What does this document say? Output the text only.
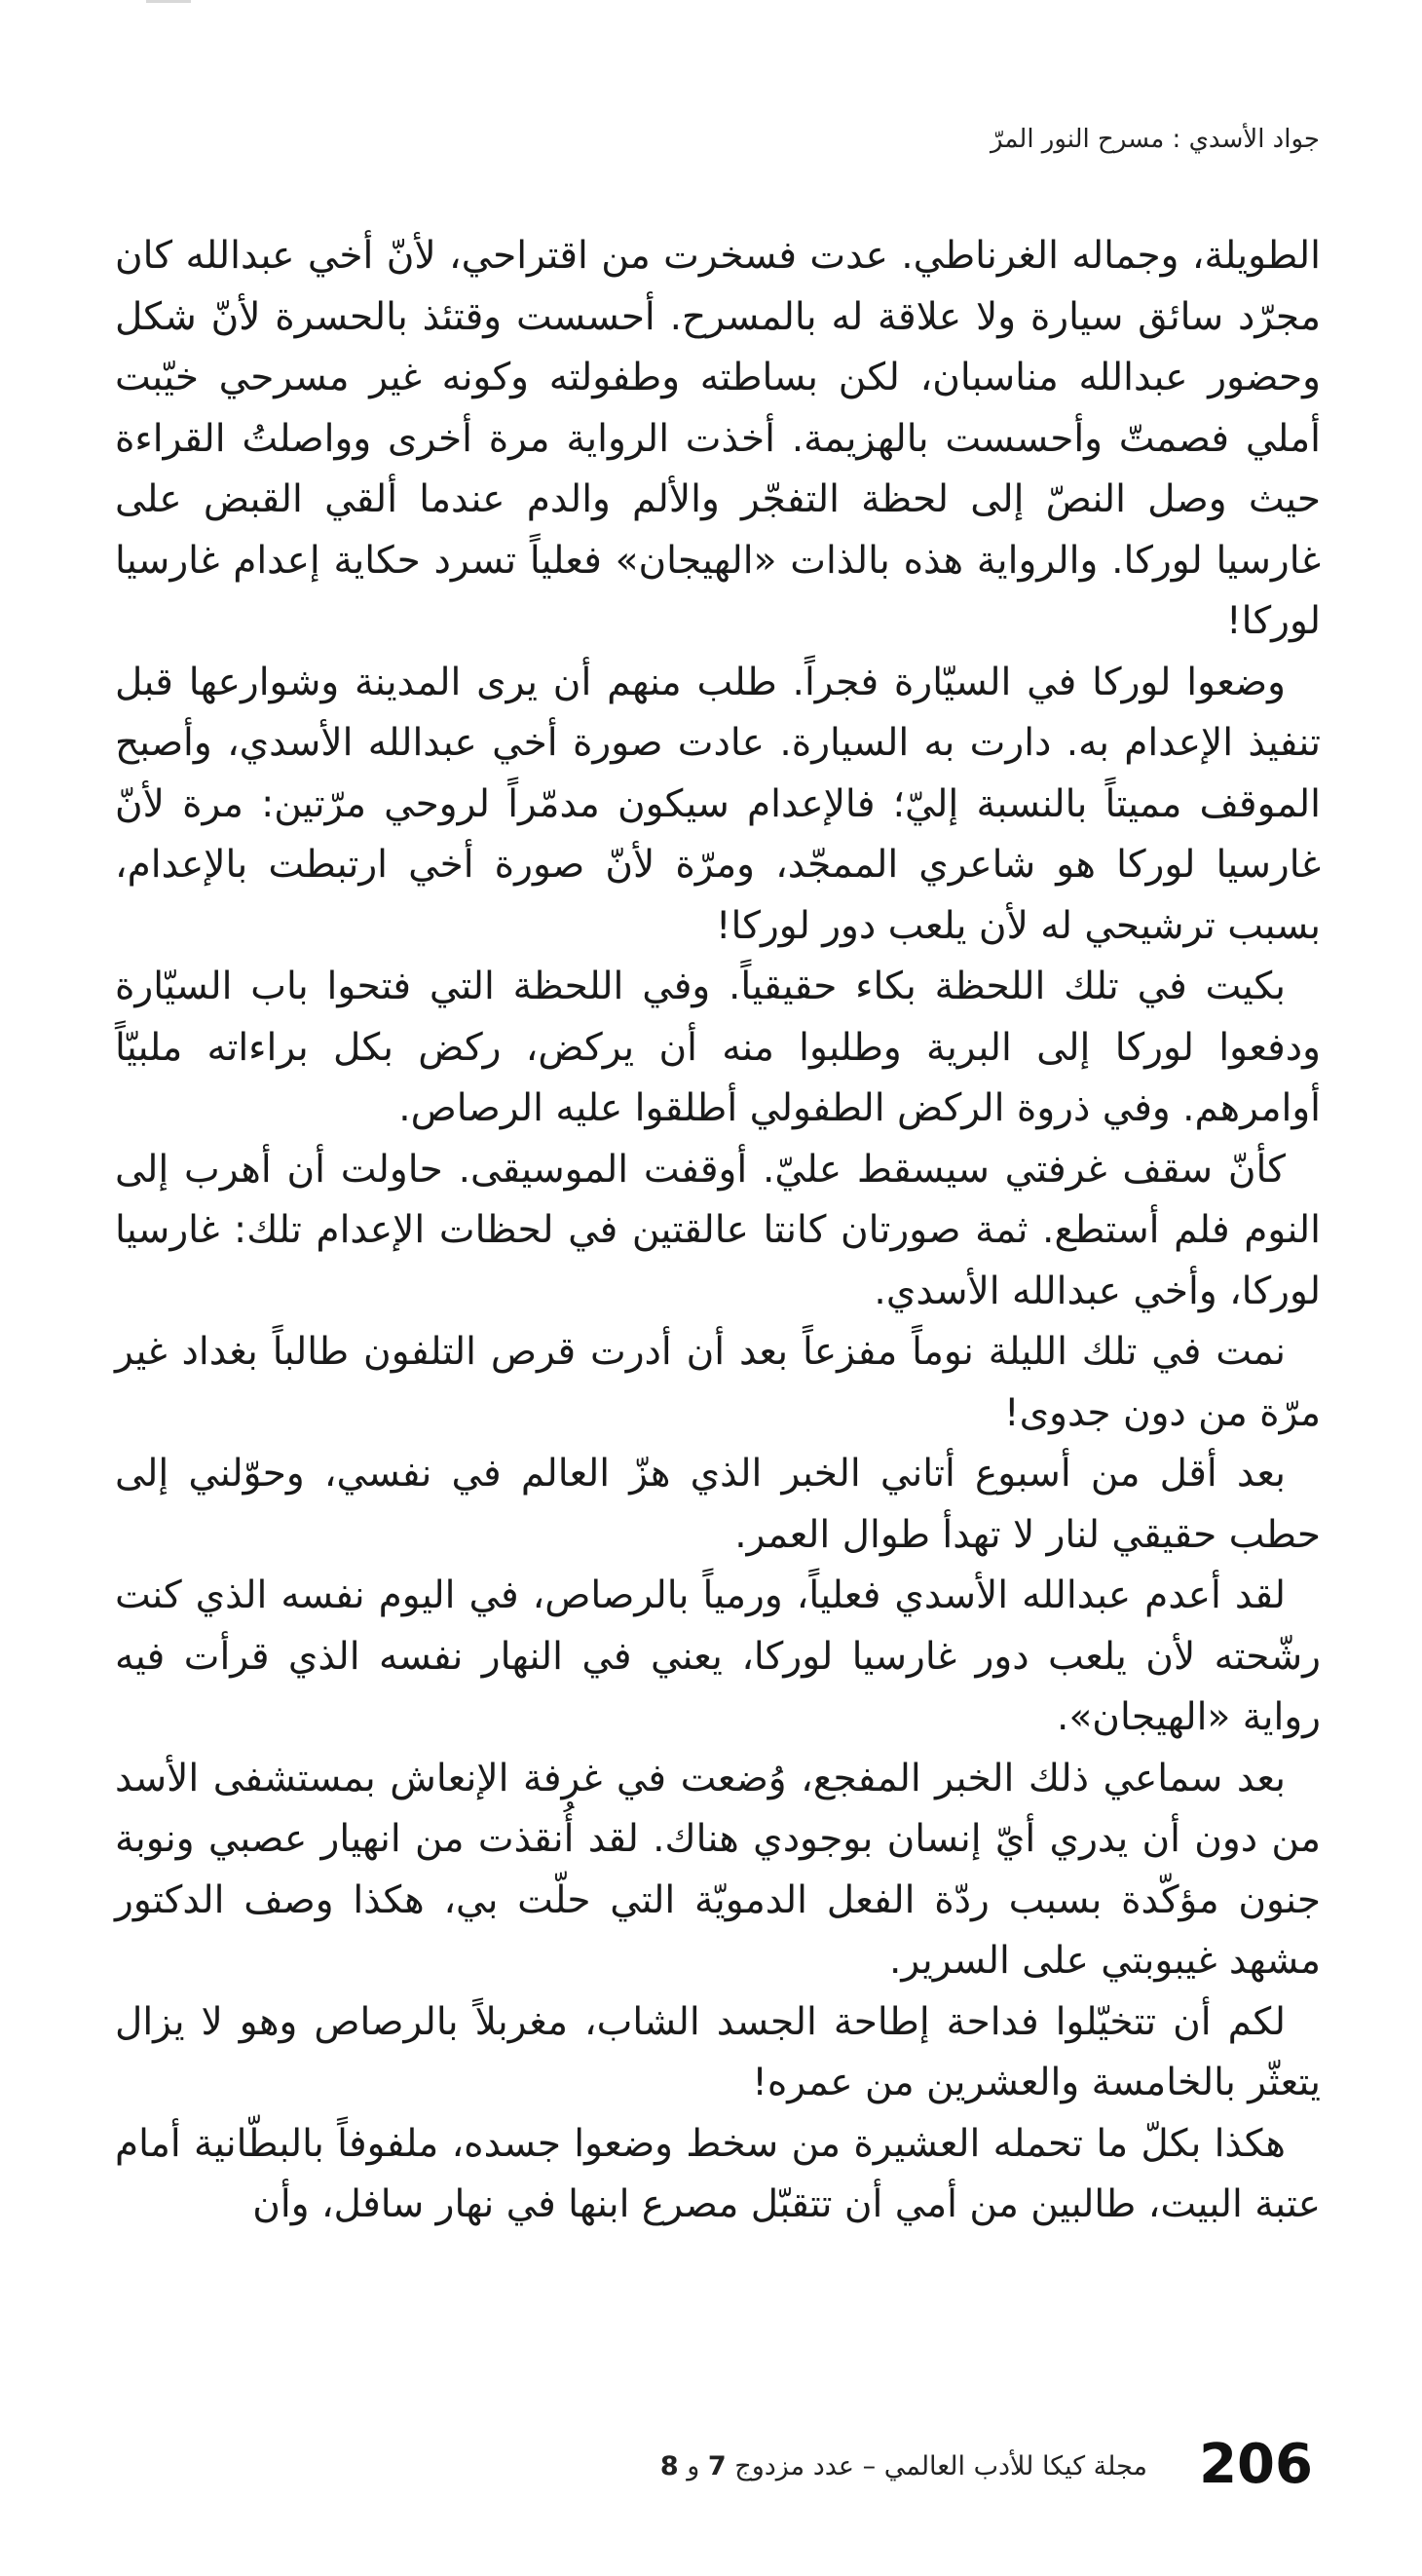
جواد الأسدي : مسرح النور المرّ

الطويلة، وجماله الغرناطي. عدت فسخرت من اقتراحي، لأنّ أخي عبدالله كان مجرّد سائق سيارة ولا علاقة له بالمسرح. أحسست وقتئذ بالحسرة لأنّ شكل وحضور عبدالله مناسبان، لكن بساطته وطفولته وكونه غير مسرحي خيّبت أملي فصمتّ وأحسست بالهزيمة. أخذت الرواية مرة أخرى وواصلتُ القراءة حيث وصل النصّ إلى لحظة التفجّر والألم والدم عندما ألقي القبض على غارسيا لوركا. والرواية هذه بالذات «الهيجان» فعلياً تسرد حكاية إعدام غارسيا لوركا!

وضعوا لوركا في السيّارة فجراً. طلب منهم أن يرى المدينة وشوارعها قبل تنفيذ الإعدام به. دارت به السيارة. عادت صورة أخي عبدالله الأسدي، وأصبح الموقف مميتاً بالنسبة إليّ؛ فالإعدام سيكون مدمّراً لروحي مرّتين: مرة لأنّ غارسيا لوركا هو شاعري الممجّد، ومرّة لأنّ صورة أخي ارتبطت بالإعدام، بسبب ترشيحي له لأن يلعب دور لوركا!

بكيت في تلك اللحظة بكاء حقيقياً. وفي اللحظة التي فتحوا باب السيّارة ودفعوا لوركا إلى البرية وطلبوا منه أن يركض، ركض بكل براءاته ملبيّاً أوامرهم. وفي ذروة الركض الطفولي أطلقوا عليه الرصاص.

كأنّ سقف غرفتي سيسقط عليّ. أوقفت الموسيقى. حاولت أن أهرب إلى النوم فلم أستطع. ثمة صورتان كانتا عالقتين في لحظات الإعدام تلك: غارسيا لوركا، وأخي عبدالله الأسدي.

نمت في تلك الليلة نوماً مفزعاً بعد أن أدرت قرص التلفون طالباً بغداد غير مرّة من دون جدوى!

بعد أقل من أسبوع أتاني الخبر الذي هزّ العالم في نفسي، وحوّلني إلى حطب حقيقي لنار لا تهدأ طوال العمر.

لقد أعدم عبدالله الأسدي فعلياً، ورمياً بالرصاص، في اليوم نفسه الذي كنت رشّحته لأن يلعب دور غارسيا لوركا، يعني في النهار نفسه الذي قرأت فيه رواية «الهيجان».

بعد سماعي ذلك الخبر المفجع، وُضعت في غرفة الإنعاش بمستشفى الأسد من دون أن يدري أيّ إنسان بوجودي هناك. لقد أُنقذت من انهيار عصبي ونوبة جنون مؤكّدة بسبب ردّة الفعل الدمويّة التي حلّت بي، هكذا وصف الدكتور مشهد غيبوبتي على السرير.

لكم أن تتخيّلوا فداحة إطاحة الجسد الشاب، مغربلاً بالرصاص وهو لا يزال يتعثّر بالخامسة والعشرين من عمره!

هكذا بكلّ ما تحمله العشيرة من سخط وضعوا جسده، ملفوفاً بالبطّانية أمام عتبة البيت، طالبين من أمي أن تتقبّل مصرع ابنها في نهار سافل، وأن

مجلة كيكا للأدب العالمي – عدد مزدوج 7 و 8	206
